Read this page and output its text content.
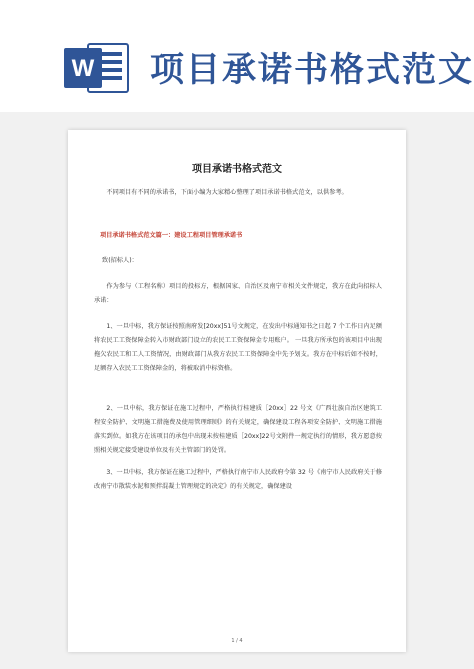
W 项目承诺书格式范文
项目承诺书格式范文
不同项目有不同的承诺书，下面小编为大家精心整理了项目承诺书格式范文，以供参考。
项目承诺书格式范文篇一：建设工程项目管理承诺书
致(招标人)：
作为参与（工程名称）项目的投标方，根据国家、自治区及南宁市相关文件规定，我方在此向招标人承诺：
1、一旦中标，我方保证按照南府发[20xx]51号文规定，在发出中标通知书之日起 7 个工作日内足额将农民工工资保障金转入市财政部门设立的农民工工资保障金专用账户。 一旦我方所承包的该项目中出现拖欠农民工和工人工资情况，由财政部门从我方农民工工资保障金中先予划支。我方在中标后如不按时，足额存入农民工工资保障金的，将被取消中标资格。
2、一旦中标，我方保证在施工过程中，严格执行桂建质［20xx］22 号文《广西壮族自治区建筑工程安全防护、文明施工措施费及使用管理细则》的有关规定，确保建设工程各项安全防护、文明施工措施落实到位。如我方在该项目的承包中出现未按桂建质［20xx]22号文附件一规定执行的情形，我方愿意按照相关规定接受建设单位及有关主管部门的处罚。
3、一旦中标，我方保证在施工过程中，严格执行南宁市人民政府令第 32 号《南宁市人民政府关于修改南宁市散装水泥和预拌混凝土管理规定的决定》的有关规定，确保建设
1 / 4
